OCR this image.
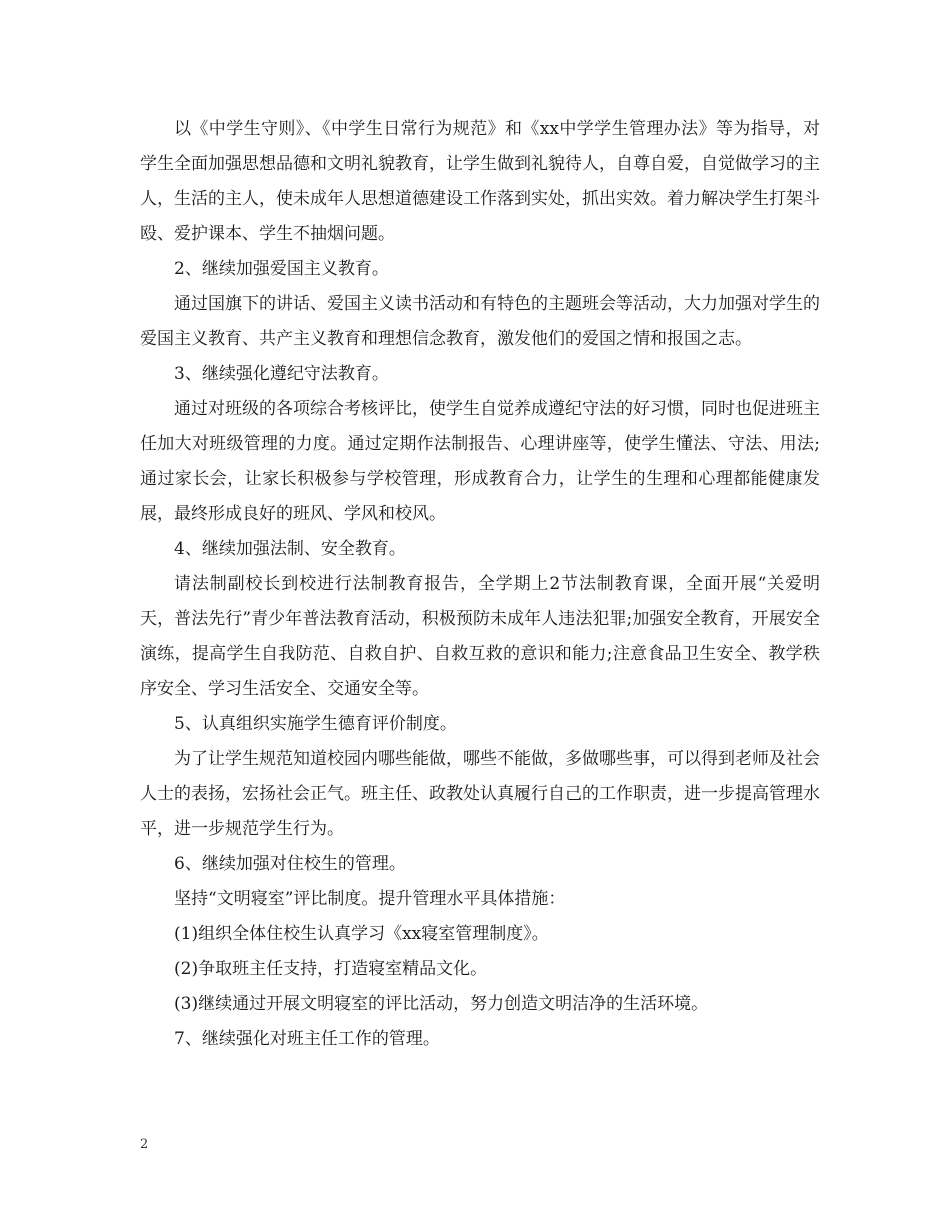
以《中学生守则》、《中学生日常行为规范》和《xx中学学生管理办法》等为指导，对学生全面加强思想品德和文明礼貌教育，让学生做到礼貌待人，自尊自爱，自觉做学习的主人，生活的主人，使未成年人思想道德建设工作落到实处，抓出实效。着力解决学生打架斗殴、爱护课本、学生不抽烟问题。

2、继续加强爱国主义教育。

通过国旗下的讲话、爱国主义读书活动和有特色的主题班会等活动，大力加强对学生的爱国主义教育、共产主义教育和理想信念教育，激发他们的爱国之情和报国之志。

3、继续强化遵纪守法教育。

通过对班级的各项综合考核评比，使学生自觉养成遵纪守法的好习惯，同时也促进班主任加大对班级管理的力度。通过定期作法制报告、心理讲座等，使学生懂法、守法、用法;通过家长会，让家长积极参与学校管理，形成教育合力，让学生的生理和心理都能健康发展，最终形成良好的班风、学风和校风。

4、继续加强法制、安全教育。

请法制副校长到校进行法制教育报告，全学期上2节法制教育课，全面开展“关爱明天，普法先行”青少年普法教育活动，积极预防未成年人违法犯罪;加强安全教育，开展安全演练，提高学生自我防范、自救自护、自救互救的意识和能力;注意食品卫生安全、教学秩序安全、学习生活安全、交通安全等。

5、认真组织实施学生德育评价制度。

为了让学生规范知道校园内哪些能做，哪些不能做，多做哪些事，可以得到老师及社会人士的表扬，宏扬社会正气。班主任、政教处认真履行自己的工作职责，进一步提高管理水平，进一步规范学生行为。

6、继续加强对住校生的管理。

坚持“文明寝室”评比制度。提升管理水平具体措施：

(1)组织全体住校生认真学习《xx寝室管理制度》。

(2)争取班主任支持，打造寝室精品文化。

(3)继续通过开展文明寝室的评比活动，努力创造文明洁净的生活环境。

7、继续强化对班主任工作的管理。

2
